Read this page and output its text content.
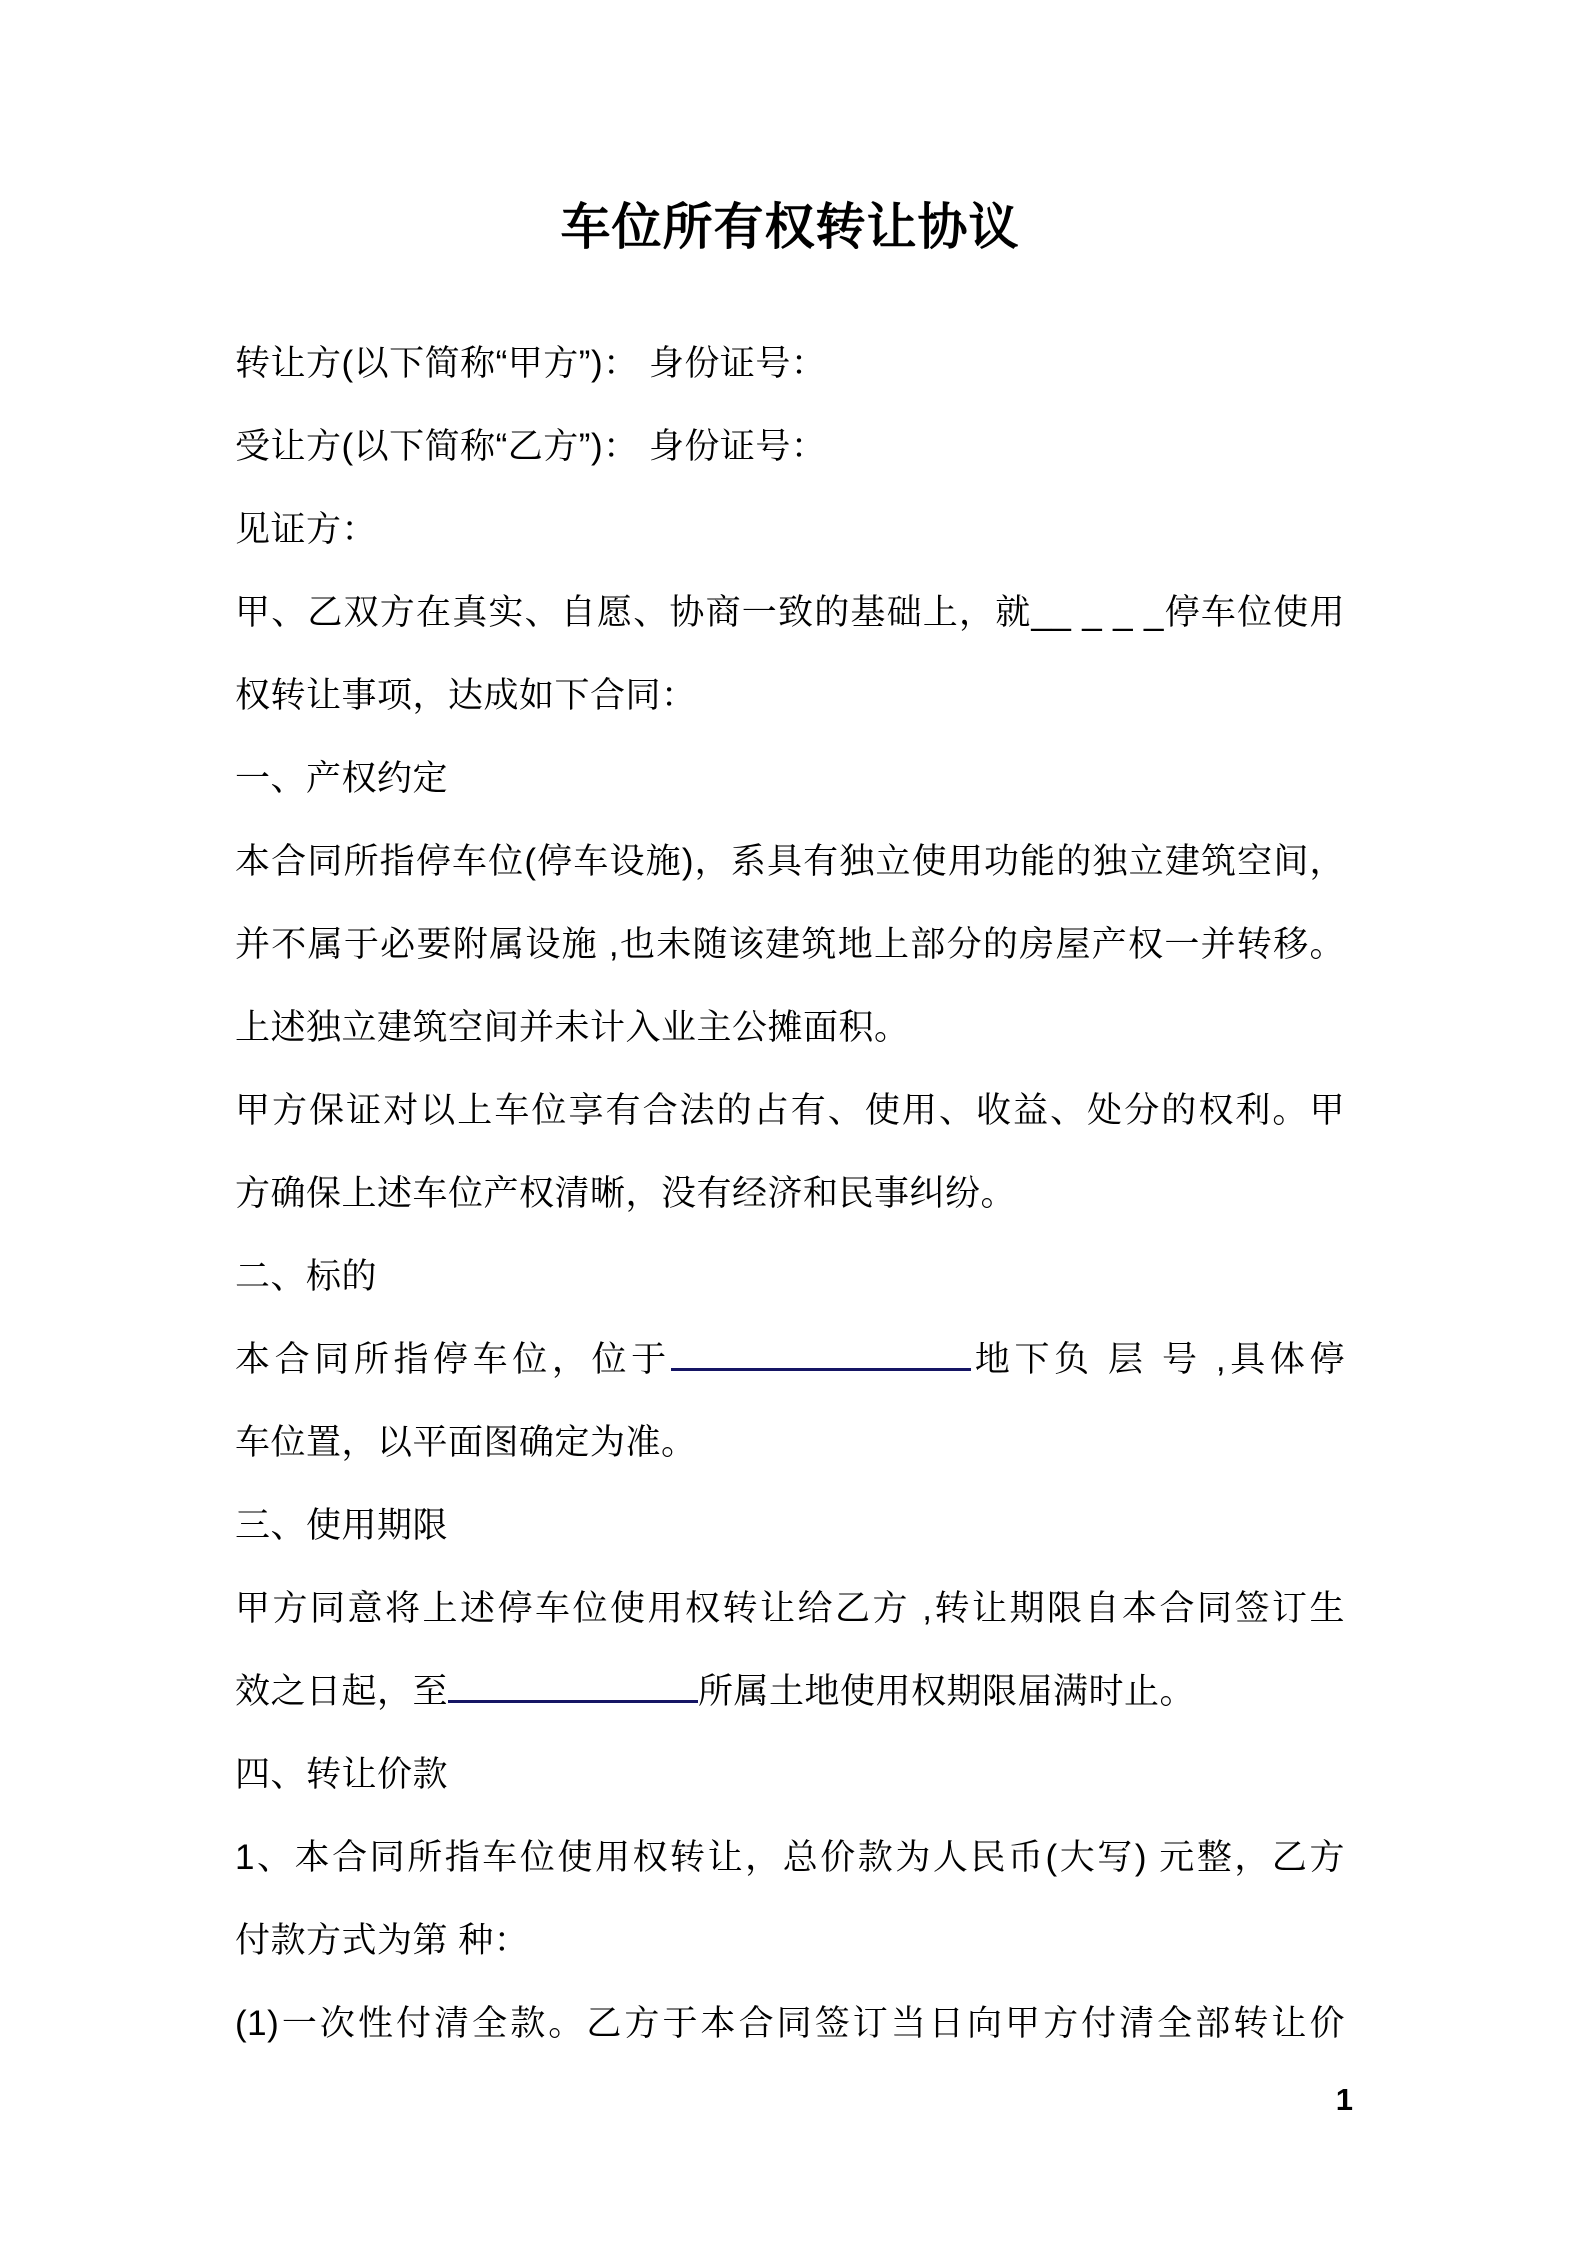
车位所有权转让协议
转让方(以下简称“甲方”)： 身份证号：
受让方(以下简称“乙方”)： 身份证号：
见证方：
甲、乙双方在真实、自愿、协商一致的基础上，就__ _ _ _停车位使用
权转让事项，达成如下合同：
一、产权约定
本合同所指停车位(停车设施)，系具有独立使用功能的独立建筑空间，
并不属于必要附属设施 ,也未随该建筑地上部分的房屋产权一并转移。
上述独立建筑空间并未计入业主公摊面积。
甲方保证对以上车位享有合法的占有、使用、收益、处分的权利。甲
方确保上述车位产权清晰，没有经济和民事纠纷。
二、标的
本合同所指停车位，位于	地下负 层 号 ,具体停
车位置，以平面图确定为准。
三、使用期限
甲方同意将上述停车位使用权转让给乙方 ,转让期限自本合同签订生
效之日起，至	所属土地使用权期限届满时止。
四、转让价款
1、本合同所指车位使用权转让，总价款为人民币(大写) 元整，乙方
付款方式为第 种：
(1)一次性付清全款。乙方于本合同签订当日向甲方付清全部转让价
1
